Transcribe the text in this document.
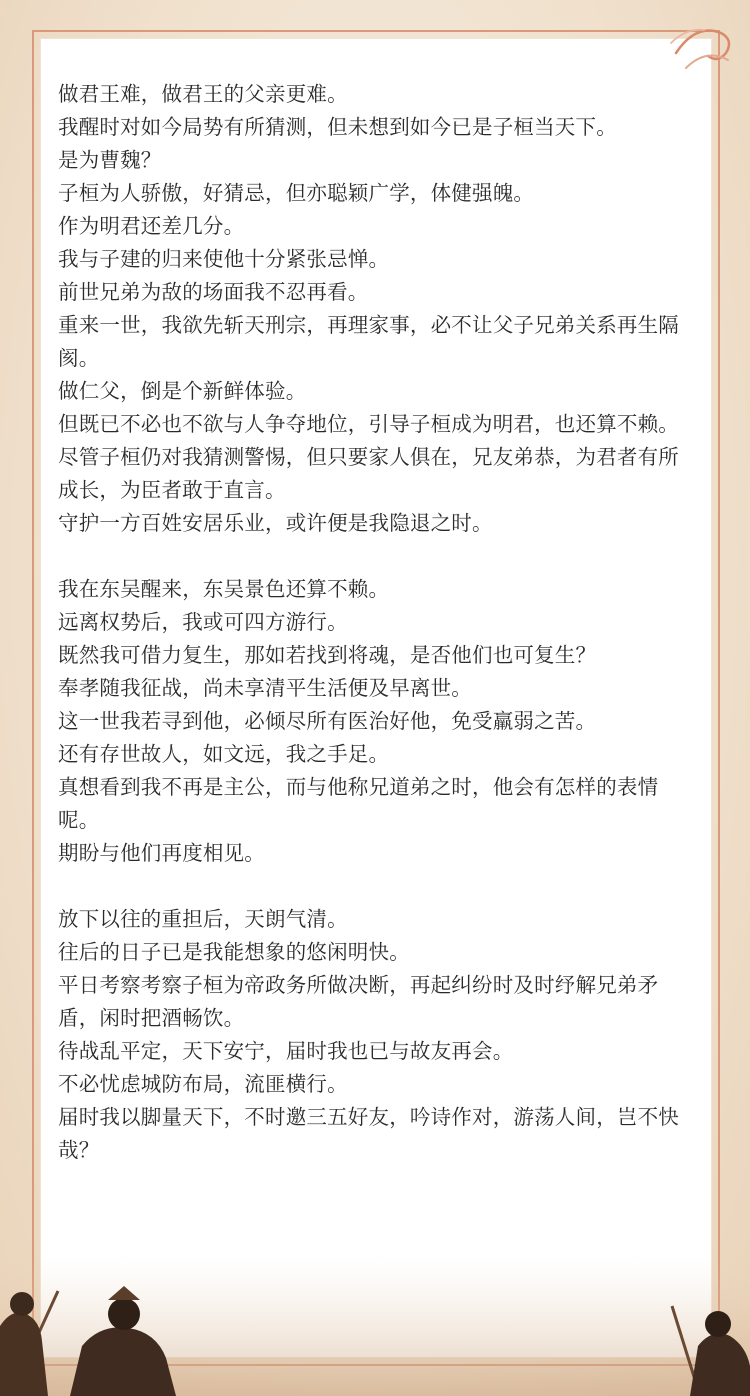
做君王难，做君王的父亲更难。
我醒时对如今局势有所猜测，但未想到如今已是子桓当天下。
是为曹魏？
子桓为人骄傲，好猜忌，但亦聪颖广学，体健强魄。
作为明君还差几分。
我与子建的归来使他十分紧张忌惮。
前世兄弟为敌的场面我不忍再看。
重来一世，我欲先斩天刑宗，再理家事，必不让父子兄弟关系再生隔阂。
做仁父，倒是个新鲜体验。
但既已不必也不欲与人争夺地位，引导子桓成为明君，也还算不赖。
尽管子桓仍对我猜测警惕，但只要家人俱在，兄友弟恭，为君者有所成长，为臣者敢于直言。
守护一方百姓安居乐业，或许便是我隐退之时。
我在东吴醒来，东吴景色还算不赖。
远离权势后，我或可四方游行。
既然我可借力复生，那如若找到将魂，是否他们也可复生？
奉孝随我征战，尚未享清平生活便及早离世。
这一世我若寻到他，必倾尽所有医治好他，免受羸弱之苦。
还有存世故人，如文远，我之手足。
真想看到我不再是主公，而与他称兄道弟之时，他会有怎样的表情呢。
期盼与他们再度相见。
放下以往的重担后，天朗气清。
往后的日子已是我能想象的悠闲明快。
平日考察考察子桓为帝政务所做决断，再起纠纷时及时纾解兄弟矛盾，闲时把酒畅饮。
待战乱平定，天下安宁，届时我也已与故友再会。
不必忧虑城防布局，流匪横行。
届时我以脚量天下，不时邀三五好友，吟诗作对，游荡人间，岂不快哉？
